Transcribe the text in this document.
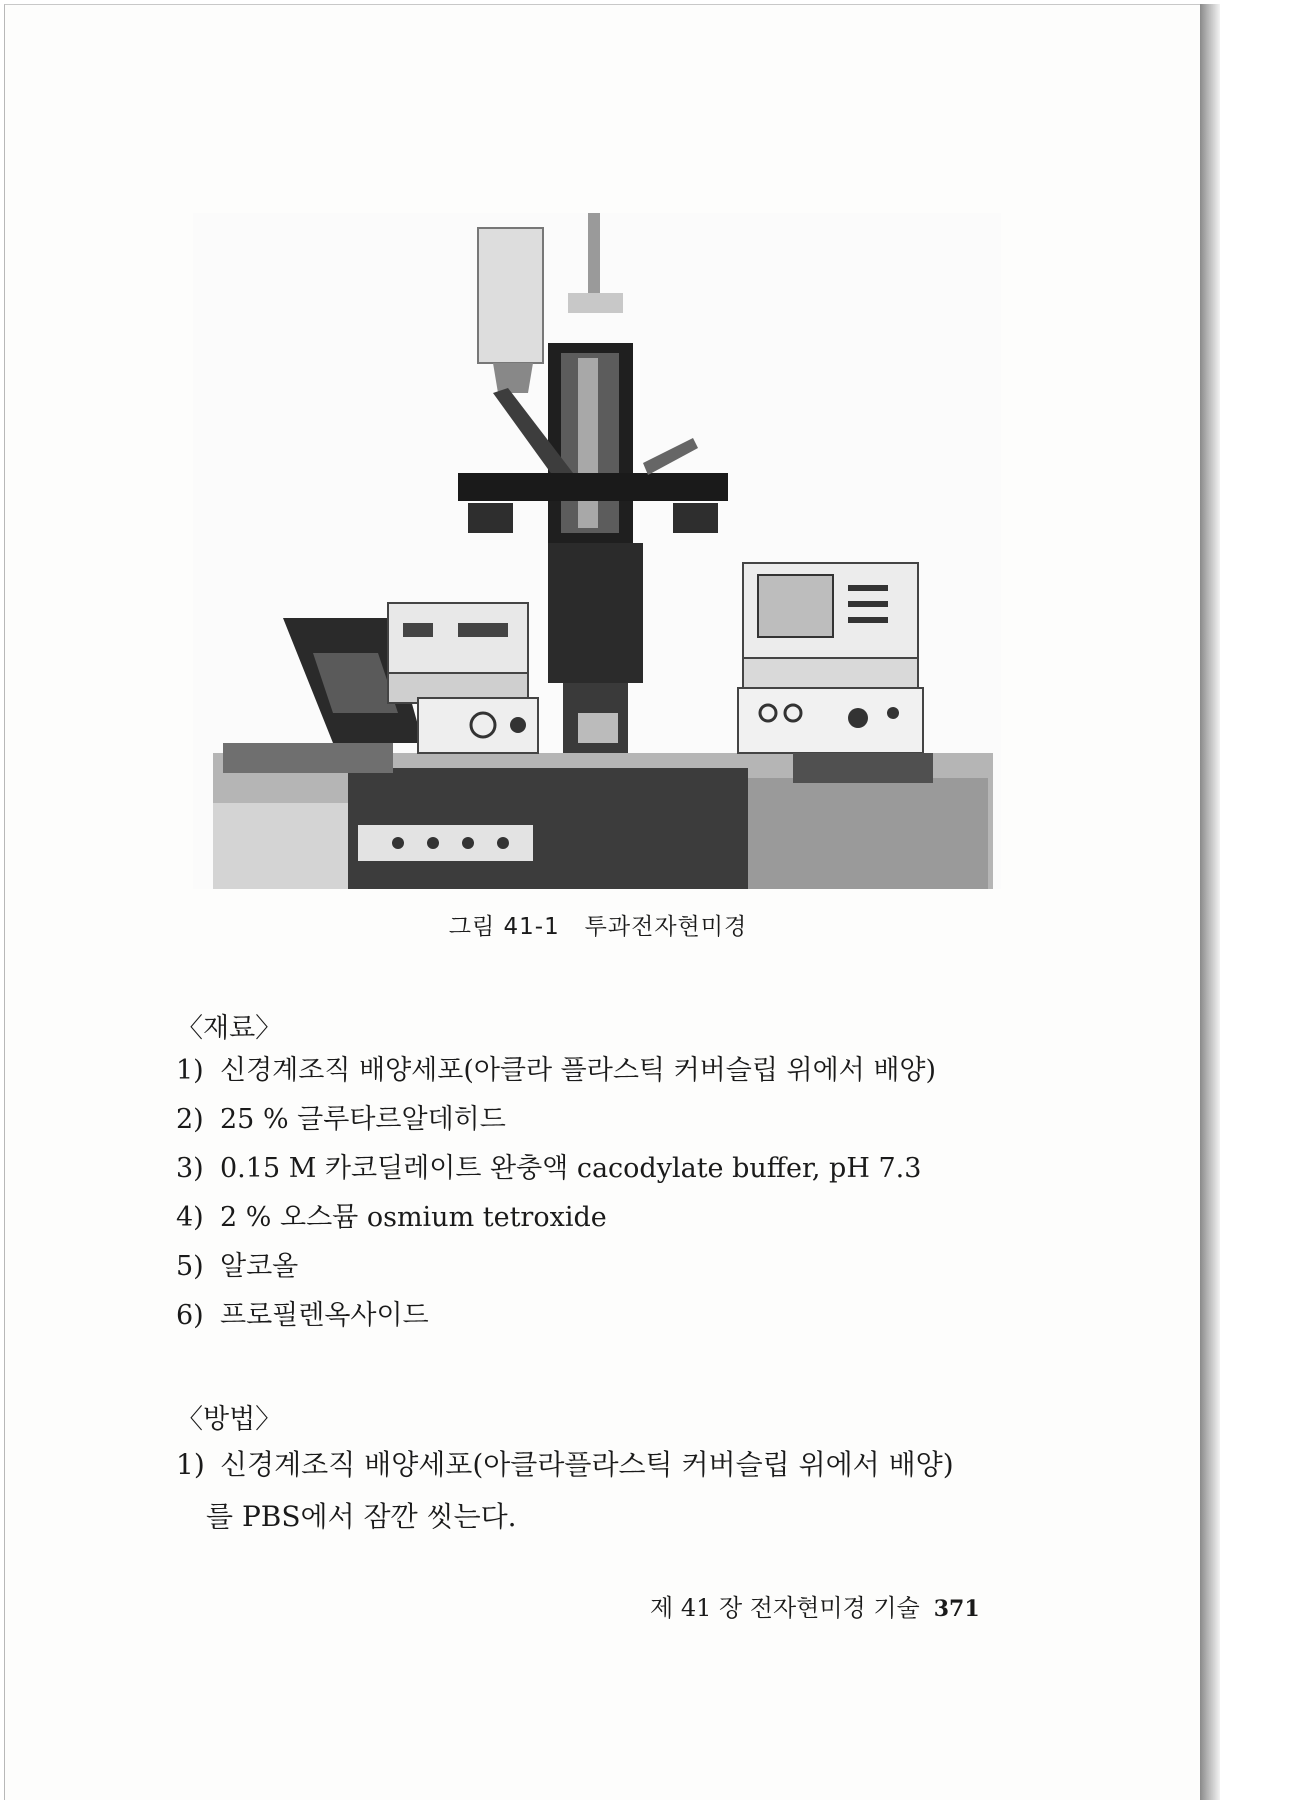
그림 41-1 투과전자현미경
〈재료〉
1) 신경계조직 배양세포(아클라 플라스틱 커버슬립 위에서 배양)
2) 25 % 글루타르알데히드
3) 0.15 M 카코딜레이트 완충액 cacodylate buffer, pH 7.3
4) 2 % 오스뮴 osmium tetroxide
5) 알코올
6) 프로필렌옥사이드
〈방법〉
1) 신경계조직 배양세포(아클라플라스틱 커버슬립 위에서 배양)
를 PBS에서 잠깐 씻는다.
제 41 장 전자현미경 기술 371
